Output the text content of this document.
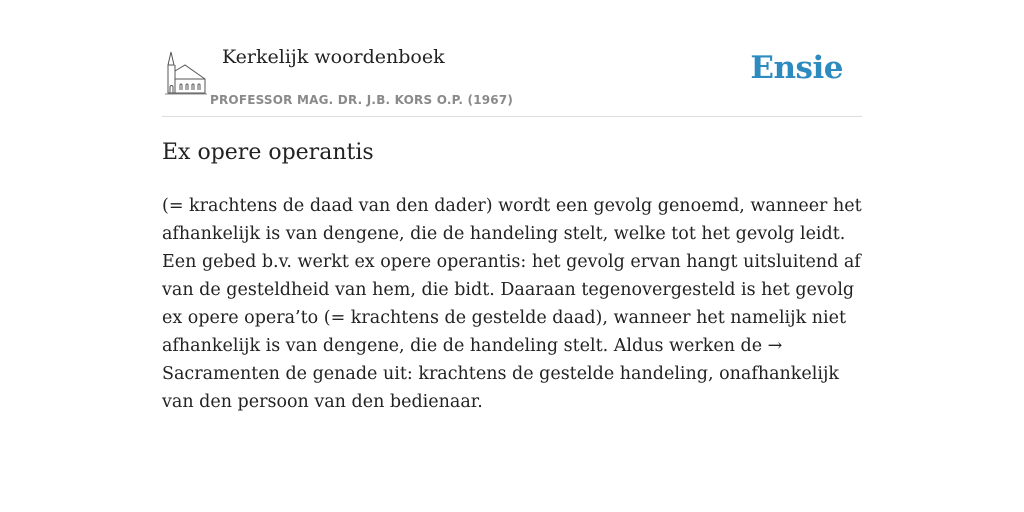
Kerkelijk woordenboek
PROFESSOR MAG. DR. J.B. KORS O.P. (1967)
Ensie
Ex opere operantis

(= krachtens de daad van den dader) wordt een gevolg genoemd, wanneer het afhankelijk is van dengene, die de handeling stelt, welke tot het gevolg leidt. Een gebed b.v. werkt ex opere operantis: het gevolg ervan hangt uitsluitend af van de gesteldheid van hem, die bidt. Daaraan tegenovergesteld is het gevolg ex opere opera’to (= krachtens de gestelde daad), wanneer het namelijk niet afhankelijk is van dengene, die de handeling stelt. Aldus werken de → Sacramenten de genade uit: krachtens de gestelde handeling, onafhankelijk van den persoon van den bedienaar.
